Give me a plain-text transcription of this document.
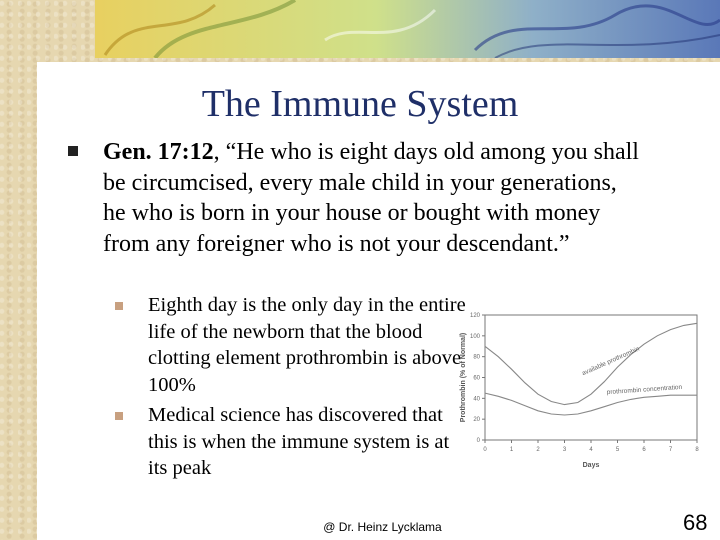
The Immune System

Gen. 17:12, “He who is eight days old among you shall be circumcised, every male child in your generations, he who is born in your house or bought with money from any foreigner who is not your descendant.”

Eighth day is the only day in the entire life of the newborn that the blood clotting element prothrombin is above 100%

Medical science has discovered that this is when the immune system is at its peak

0
20
40
60
80
100
120
0	1	2	3	4	5	6	7	8
Days
Prothrombin (% of Normal)	available prothrombin
prothrombin concentration
@ Dr. Heinz Lycklama	68
